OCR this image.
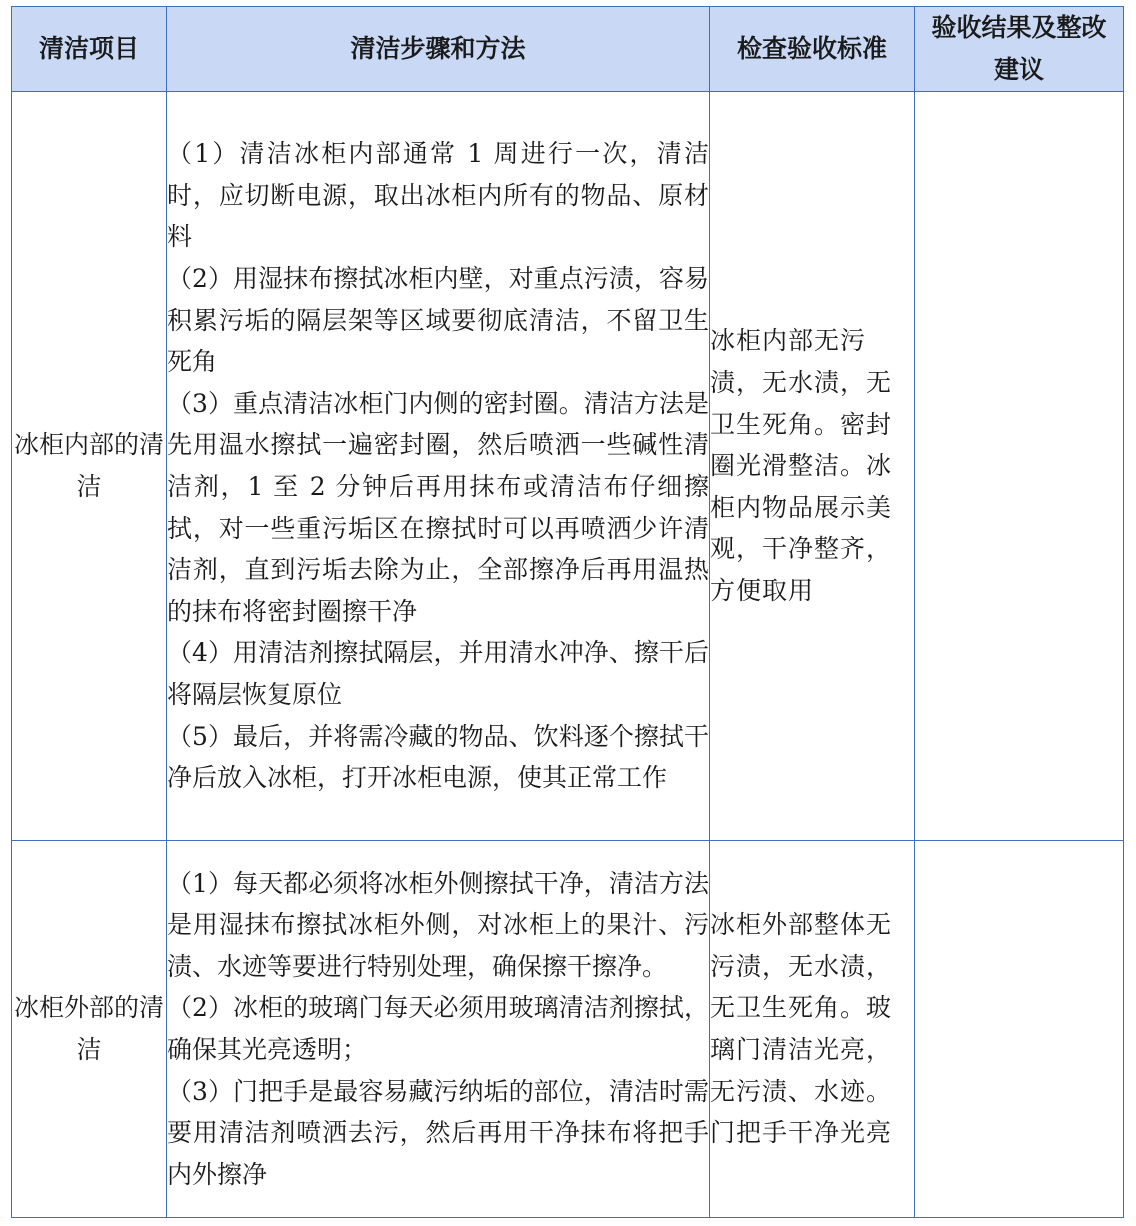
清洁项目	清洁步骤和方法	检查验收标准	验收结果及整改建议
冰柜内部的清洁	（1）清洁冰柜内部通常 1 周进行一次，清洁时，应切断电源，取出冰柜内所有的物品、原材料

（2）用湿抹布擦拭冰柜内壁，对重点污渍，容易积累污垢的隔层架等区域要彻底清洁，不留卫生死角

（3）重点清洁冰柜门内侧的密封圈。清洁方法是先用温水擦拭一遍密封圈，然后喷洒一些碱性清洁剂，1 至 2 分钟后再用抹布或清洁布仔细擦拭，对一些重污垢区在擦拭时可以再喷洒少许清洁剂，直到污垢去除为止，全部擦净后再用温热的抹布将密封圈擦干净

（4）用清洁剂擦拭隔层，并用清水冲净、擦干后将隔层恢复原位

（5）最后，并将需冷藏的物品、饮料逐个擦拭干净后放入冰柜，打开冰柜电源，使其正常工作	冰柜内部无污渍，无水渍，无卫生死角。密封圈光滑整洁。冰柜内物品展示美观，干净整齐，方便取用	
冰柜外部的清洁	（1）每天都必须将冰柜外侧擦拭干净，清洁方法是用湿抹布擦拭冰柜外侧，对冰柜上的果汁、污渍、水迹等要进行特别处理，确保擦干擦净。

（2）冰柜的玻璃门每天必须用玻璃清洁剂擦拭，确保其光亮透明；

（3）门把手是最容易藏污纳垢的部位，清洁时需要用清洁剂喷洒去污，然后再用干净抹布将把手内外擦净	冰柜外部整体无污渍，无水渍，无卫生死角。玻璃门清洁光亮，无污渍、水迹。门把手干净光亮	
